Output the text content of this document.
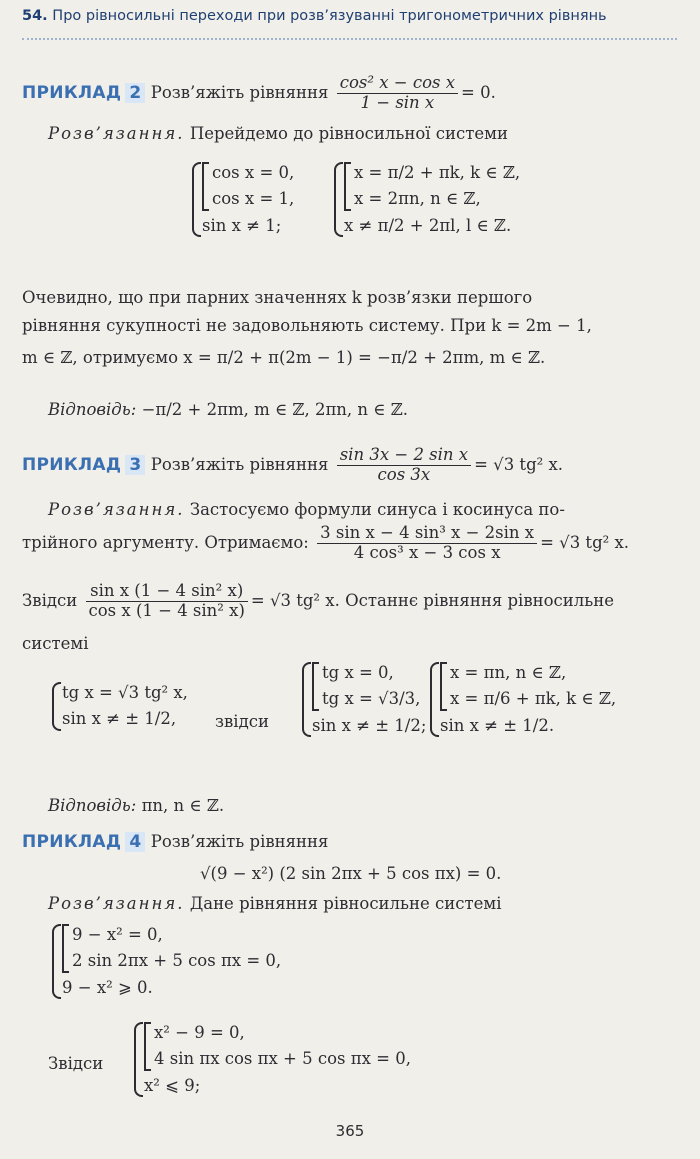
54. Про рівносильні переходи при розв’язуванні тригонометричних рівнянь
ПРИКЛАД 2 Розв’яжіть рівняння $\frac{\text{cos² x − cos x}}{\text{1 − sin x}} = 0$.
Розв’язання. Перейдемо до рівносильної системи
cos x = 0,
cos x = 1,
sin x ≠ 1;
x = π/2 + πk, k ∈ ℤ,
x = 2πn, n ∈ ℤ,
x ≠ π/2 + 2πl, l ∈ ℤ.
Очевидно, що при парних значеннях k розв’язки першого
рівняння сукупності не задовольняють систему. При k = 2m − 1,
m ∈ ℤ, отримуємо x = π/2 + π(2m − 1) = −π/2 + 2πm, m ∈ ℤ.
Відповідь: −π/2 + 2πm, m ∈ ℤ, 2πn, n ∈ ℤ.
ПРИКЛАД 3 Розв’яжіть рівняння $\frac{\text{sin 3x − 2 sin x}}{\cos 3x} = √3$ tg² x.
Розв’язання. Застосуємо формули синуса і косинуса по-
трійного аргументу. Отримаємо: $\frac{\text{3 sin x − 4 sin³ x − 2sin x}}{\text{4 cos³ x − 3 cos x}} = √3$ tg² x.
Звідси $\frac{\text{sin x (1 − 4 sin² x)}}{\text{cos x (1 − 4 sin² x)}} = √3$ tg² x. Останнє рівняння рівносильне
системі
tg x = √3 tg² x,
sin x ≠ ± 1/2,	звідси
tg x = 0,
tg x = √3/3,
sin x ≠ ± 1/2;
x = πn, n ∈ ℤ,
x = π/6 + πk, k ∈ ℤ,
sin x ≠ ± 1/2.
Відповідь: πn, n ∈ ℤ.
ПРИКЛАД 4 Розв’яжіть рівняння
√(9 − x²) (2 sin 2πx + 5 cos πx) = 0.
Розв’язання. Дане рівняння рівносильне системі
9 − x² = 0,
2 sin 2πx + 5 cos πx = 0,
9 − x² ⩾ 0.
Звідси
x² − 9 = 0,
4 sin πx cos πx + 5 cos πx = 0,
x² ⩽ 9;
365
